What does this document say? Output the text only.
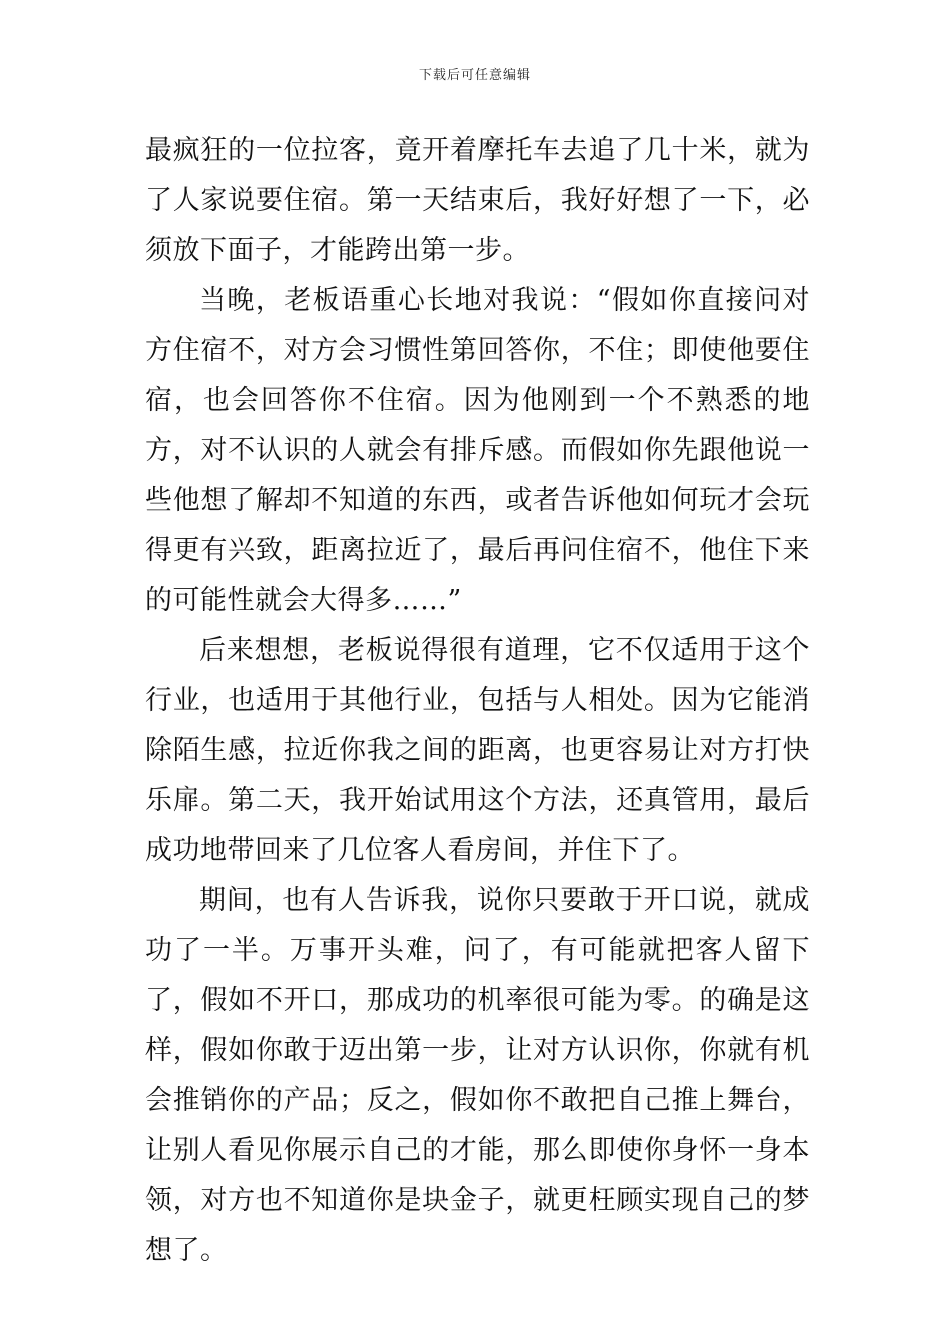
下载后可任意编辑

最疯狂的一位拉客，竟开着摩托车去追了几十米，就为了人家说要住宿。第一天结束后，我好好想了一下，必须放下面子，才能跨出第一步。

当晚，老板语重心长地对我说：“假如你直接问对方住宿不，对方会习惯性第回答你，不住；即使他要住宿，也会回答你不住宿。因为他刚到一个不熟悉的地方，对不认识的人就会有排斥感。而假如你先跟他说一些他想了解却不知道的东西，或者告诉他如何玩才会玩得更有兴致，距离拉近了，最后再问住宿不，他住下来的可能性就会大得多……”

后来想想，老板说得很有道理，它不仅适用于这个行业，也适用于其他行业，包括与人相处。因为它能消除陌生感，拉近你我之间的距离，也更容易让对方打快乐扉。第二天，我开始试用这个方法，还真管用，最后成功地带回来了几位客人看房间，并住下了。

期间，也有人告诉我，说你只要敢于开口说，就成功了一半。万事开头难，问了，有可能就把客人留下了，假如不开口，那成功的机率很可能为零。的确是这样，假如你敢于迈出第一步，让对方认识你，你就有机会推销你的产品；反之，假如你不敢把自己推上舞台，让别人看见你展示自己的才能，那么即使你身怀一身本领，对方也不知道你是块金子，就更枉顾实现自己的梦想了。
